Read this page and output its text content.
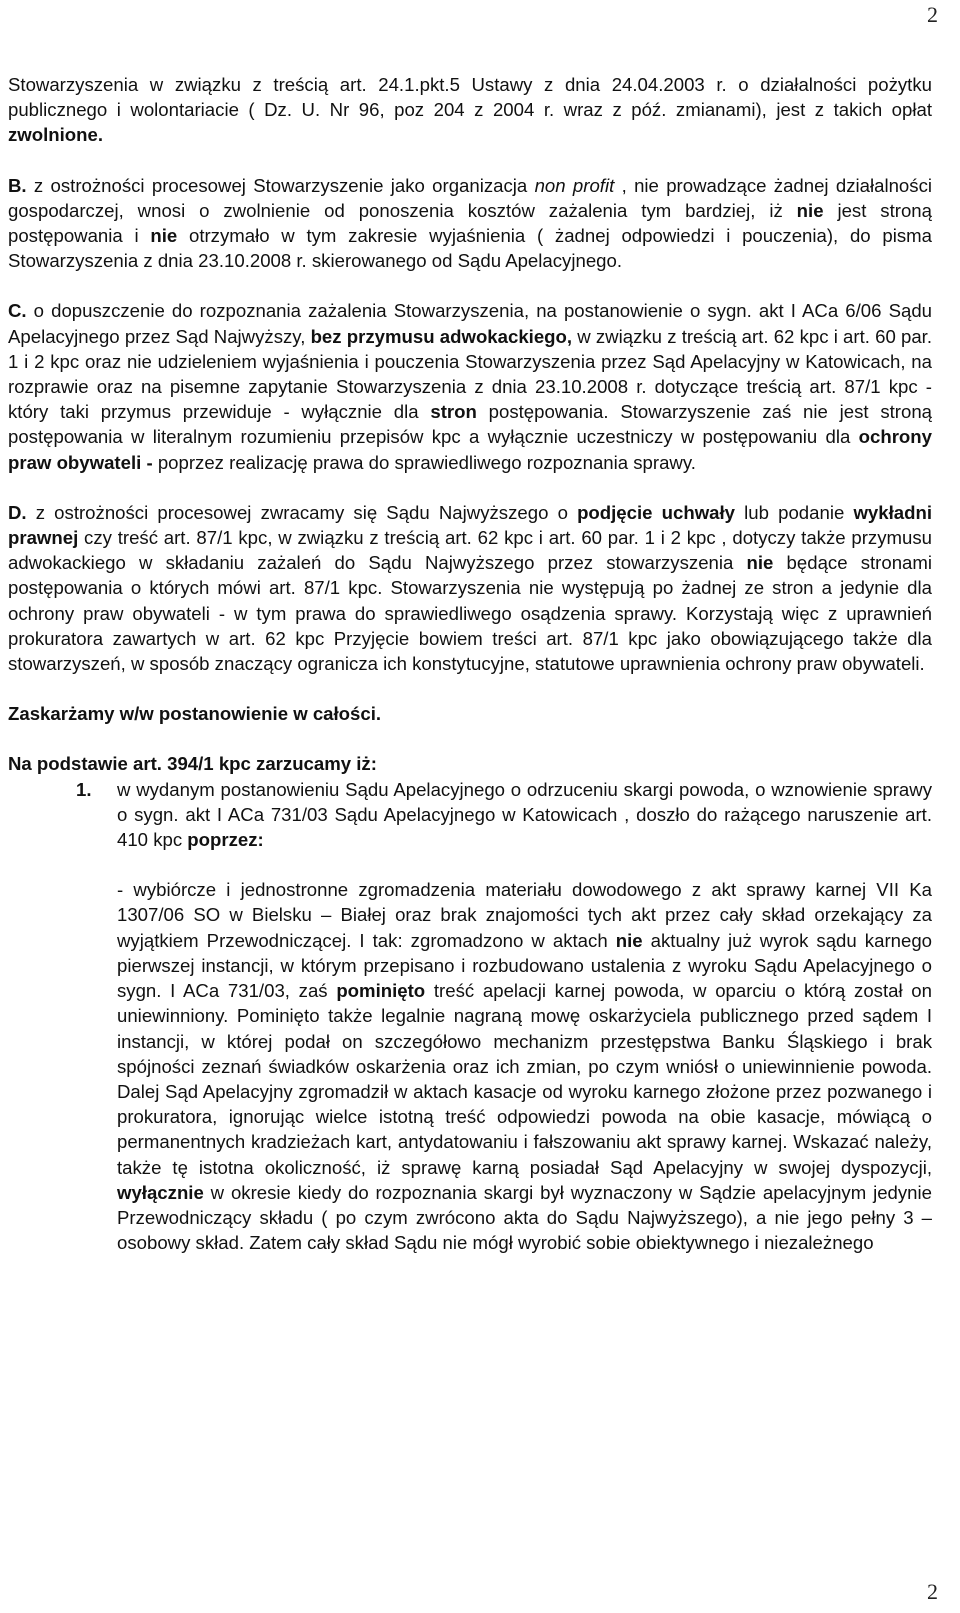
2

Stowarzyszenia w związku z treścią art. 24.1.pkt.5 Ustawy z dnia 24.04.2003 r. o działalności pożytku publicznego i wolontariacie ( Dz. U. Nr 96, poz 204 z 2004 r. wraz z póź. zmianami), jest z takich opłat zwolnione.

B. z ostrożności procesowej Stowarzyszenie jako organizacja non profit , nie prowadzące żadnej działalności gospodarczej, wnosi o zwolnienie od ponoszenia kosztów zażalenia tym bardziej, iż nie jest stroną postępowania i nie otrzymało w tym zakresie wyjaśnienia ( żadnej odpowiedzi i pouczenia), do pisma Stowarzyszenia z dnia 23.10.2008 r. skierowanego od Sądu Apelacyjnego.

C. o dopuszczenie do rozpoznania zażalenia Stowarzyszenia, na postanowienie o sygn. akt I ACa 6/06 Sądu Apelacyjnego przez Sąd Najwyższy, bez przymusu adwokackiego, w związku z treścią art. 62 kpc i art. 60 par. 1 i 2 kpc oraz nie udzieleniem wyjaśnienia i pouczenia Stowarzyszenia przez Sąd Apelacyjny w Katowicach, na rozprawie oraz na pisemne zapytanie Stowarzyszenia z dnia 23.10.2008 r. dotyczące treścią art. 87/1 kpc - który taki przymus przewiduje - wyłącznie dla stron postępowania. Stowarzyszenie zaś nie jest stroną postępowania w literalnym rozumieniu przepisów kpc a wyłącznie uczestniczy w postępowaniu dla ochrony praw obywateli - poprzez realizację prawa do sprawiedliwego rozpoznania sprawy.

D. z ostrożności procesowej zwracamy się Sądu Najwyższego o podjęcie uchwały lub podanie wykładni prawnej czy treść art. 87/1 kpc, w związku z treścią art. 62 kpc i art. 60 par. 1 i 2 kpc , dotyczy także przymusu adwokackiego w składaniu zażaleń do Sądu Najwyższego przez stowarzyszenia nie będące stronami postępowania o których mówi art. 87/1 kpc. Stowarzyszenia nie występują po żadnej ze stron a jedynie dla ochrony praw obywateli - w tym prawa do sprawiedliwego osądzenia sprawy. Korzystają więc z uprawnień prokuratora zawartych w art. 62 kpc Przyjęcie bowiem treści art. 87/1 kpc jako obowiązującego także dla stowarzyszeń, w sposób znaczący ogranicza ich konstytucyjne, statutowe uprawnienia ochrony praw obywateli.

Zaskarżamy w/w postanowienie w całości.

Na podstawie art. 394/1 kpc zarzucamy iż:

1. w wydanym postanowieniu Sądu Apelacyjnego o odrzuceniu skargi powoda, o wznowienie sprawy o sygn. akt I ACa 731/03 Sądu Apelacyjnego w Katowicach , doszło do rażącego naruszenie art. 410 kpc poprzez:

- wybiórcze i jednostronne zgromadzenia materiału dowodowego z akt sprawy karnej VII Ka 1307/06 SO w Bielsku – Białej oraz brak znajomości tych akt przez cały skład orzekający za wyjątkiem Przewodniczącej. I tak: zgromadzono w aktach nie aktualny już wyrok sądu karnego pierwszej instancji, w którym przepisano i rozbudowano ustalenia z wyroku Sądu Apelacyjnego o sygn. I ACa 731/03, zaś pominięto treść apelacji karnej powoda, w oparciu o którą został on uniewinniony. Pominięto także legalnie nagraną mowę oskarżyciela publicznego przed sądem I instancji, w której podał on szczegółowo mechanizm przestępstwa Banku Śląskiego i brak spójności zeznań świadków oskarżenia oraz ich zmian, po czym wniósł o uniewinnienie powoda. Dalej Sąd Apelacyjny zgromadził w aktach kasacje od wyroku karnego złożone przez pozwanego i prokuratora, ignorując wielce istotną treść odpowiedzi powoda na obie kasacje, mówiącą o permanentnych kradzieżach kart, antydatowaniu i fałszowaniu akt sprawy karnej. Wskazać należy, także tę istotna okoliczność, iż sprawę karną posiadał Sąd Apelacyjny w swojej dyspozycji, wyłącznie w okresie kiedy do rozpoznania skargi był wyznaczony w Sądzie apelacyjnym jedynie Przewodniczący składu ( po czym zwrócono akta do Sądu Najwyższego), a nie jego pełny 3 – osobowy skład. Zatem cały skład Sądu nie mógł wyrobić sobie obiektywnego i niezależnego

2
